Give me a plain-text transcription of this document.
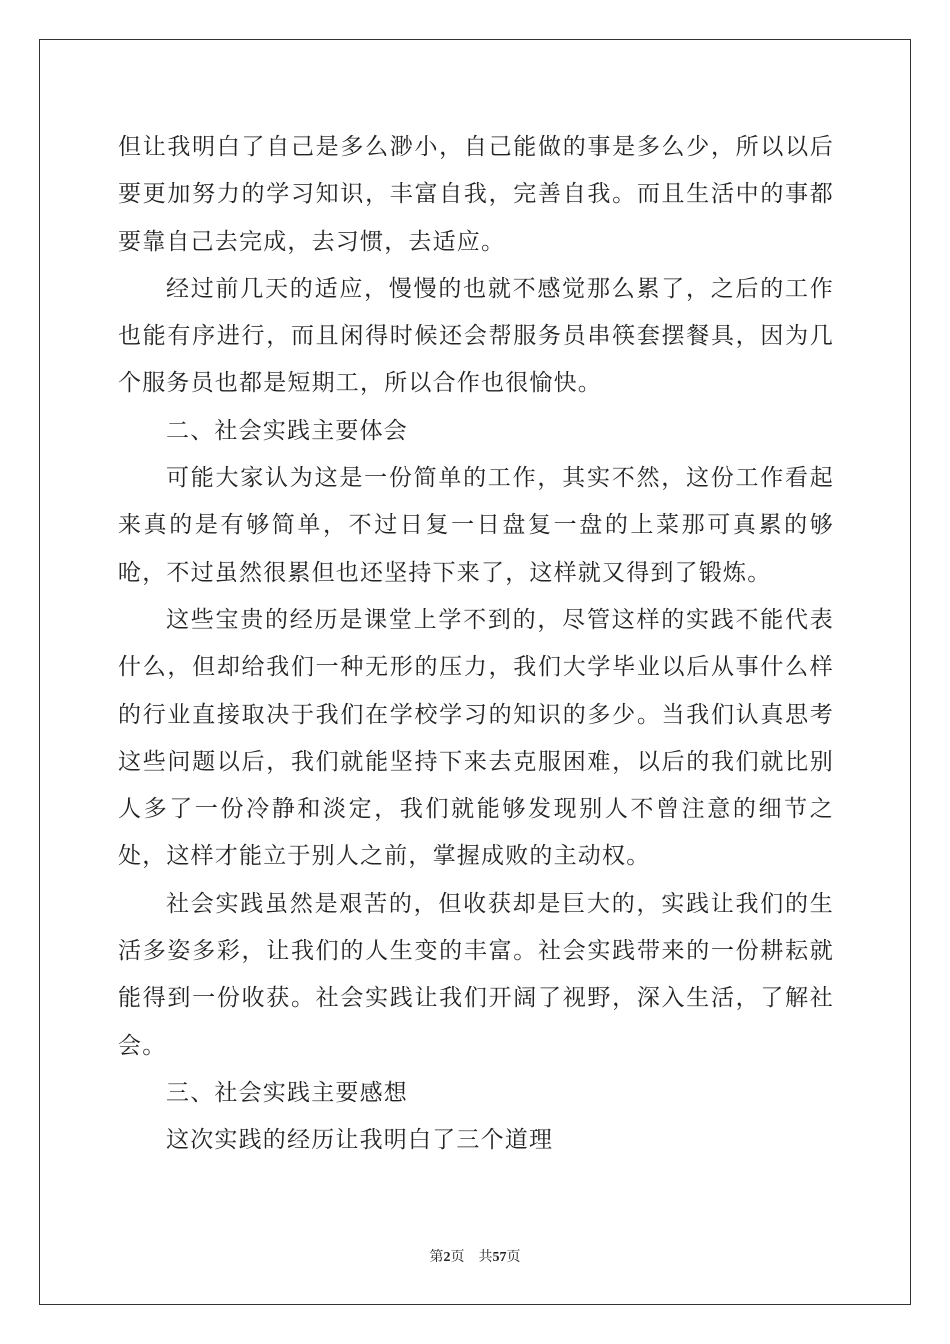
但让我明白了自己是多么渺小，自己能做的事是多么少，所以以后要更加努力的学习知识，丰富自我，完善自我。而且生活中的事都要靠自己去完成，去习惯，去适应。

经过前几天的适应，慢慢的也就不感觉那么累了，之后的工作也能有序进行，而且闲得时候还会帮服务员串筷套摆餐具，因为几个服务员也都是短期工，所以合作也很愉快。

二、社会实践主要体会

可能大家认为这是一份简单的工作，其实不然，这份工作看起来真的是有够简单，不过日复一日盘复一盘的上菜那可真累的够呛，不过虽然很累但也还坚持下来了，这样就又得到了锻炼。

这些宝贵的经历是课堂上学不到的，尽管这样的实践不能代表什么，但却给我们一种无形的压力，我们大学毕业以后从事什么样的行业直接取决于我们在学校学习的知识的多少。当我们认真思考这些问题以后，我们就能坚持下来去克服困难，以后的我们就比别人多了一份冷静和淡定，我们就能够发现别人不曾注意的细节之处，这样才能立于别人之前，掌握成败的主动权。

社会实践虽然是艰苦的，但收获却是巨大的，实践让我们的生活多姿多彩，让我们的人生变的丰富。社会实践带来的一份耕耘就能得到一份收获。社会实践让我们开阔了视野，深入生活，了解社会。

三、社会实践主要感想

这次实践的经历让我明白了三个道理

第2页 共57页
